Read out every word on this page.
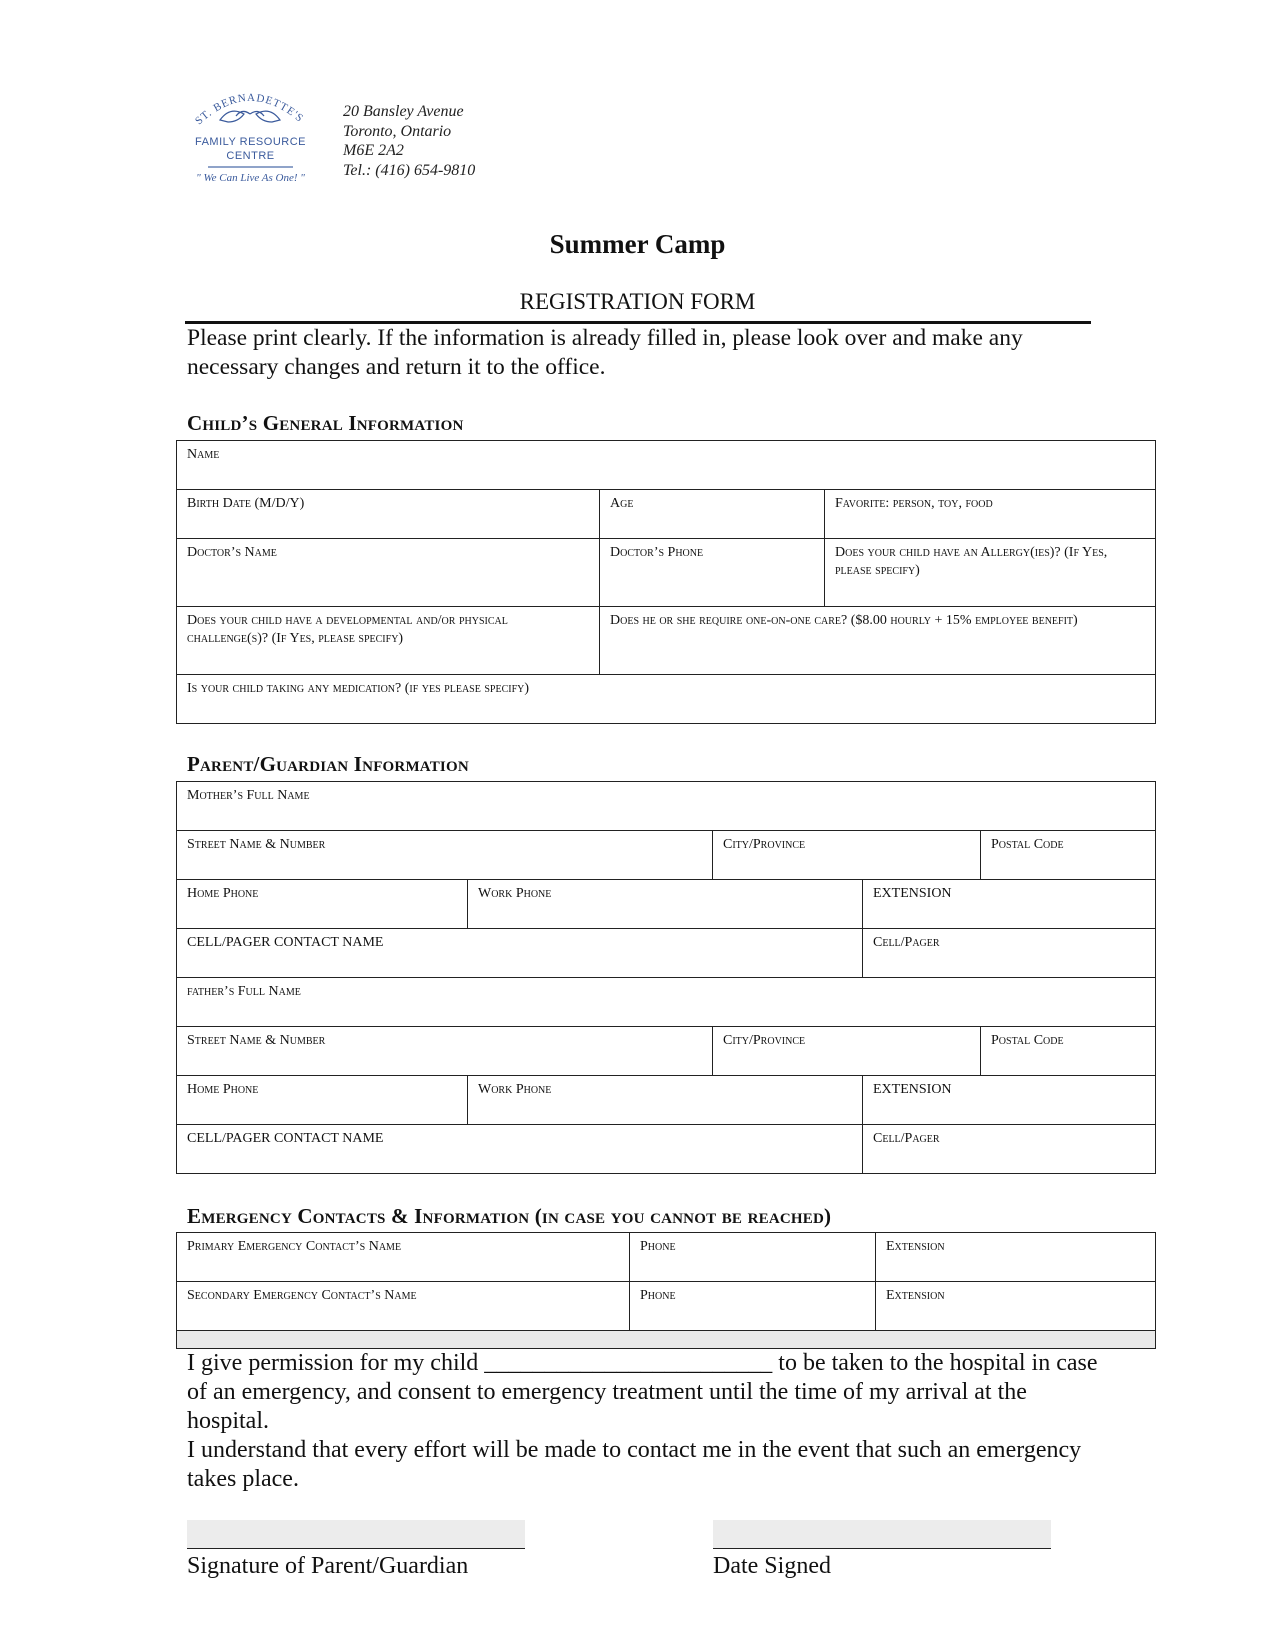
ST. BERNADETTE'S
FAMILY RESOURCE
CENTRE
" We Can Live As One! "
20 Bansley Avenue
Toronto, Ontario
M6E 2A2
Tel.: (416) 654-9810
Summer Camp
REGISTRATION FORM
Please print clearly. If the information is already filled in, please look over and make any necessary changes and return it to the office.
Child’s General Information
Name		
Birth Date (M/D/Y)	Age	Favorite: person, toy, food
Doctor’s Name	Doctor’s Phone	Does your child have an Allergy(ies)? (If Yes, please specify)
Does your child have a developmental and/or physical challenge(s)? (If Yes, please specify)	Does he or she require one-on-one care? ($8.00 hourly + 15% employee benefit)	
Is your child taking any medication? (if yes please specify)		
Parent/Guardian Information
Mother’s Full Name				
Street Name & Number		City/Province		Postal Code
Home Phone	Work Phone		EXTENSION	
CELL/PAGER CONTACT NAME			Cell/Pager	
father’s Full Name				
Street Name & Number		City/Province		Postal Code
Home Phone	Work Phone		EXTENSION	
CELL/PAGER CONTACT NAME			Cell/Pager	
Emergency Contacts & Information (in case you cannot be reached)
Primary Emergency Contact’s Name	Phone	Extension
Secondary Emergency Contact’s Name	Phone	Extension

I give permission for my child ________________________ to be taken to the hospital in case of an emergency, and consent to emergency treatment until the time of my arrival at the hospital.

I understand that every effort will be made to contact me in the event that such an emergency takes place.

Signature of Parent/Guardian	Date Signed
